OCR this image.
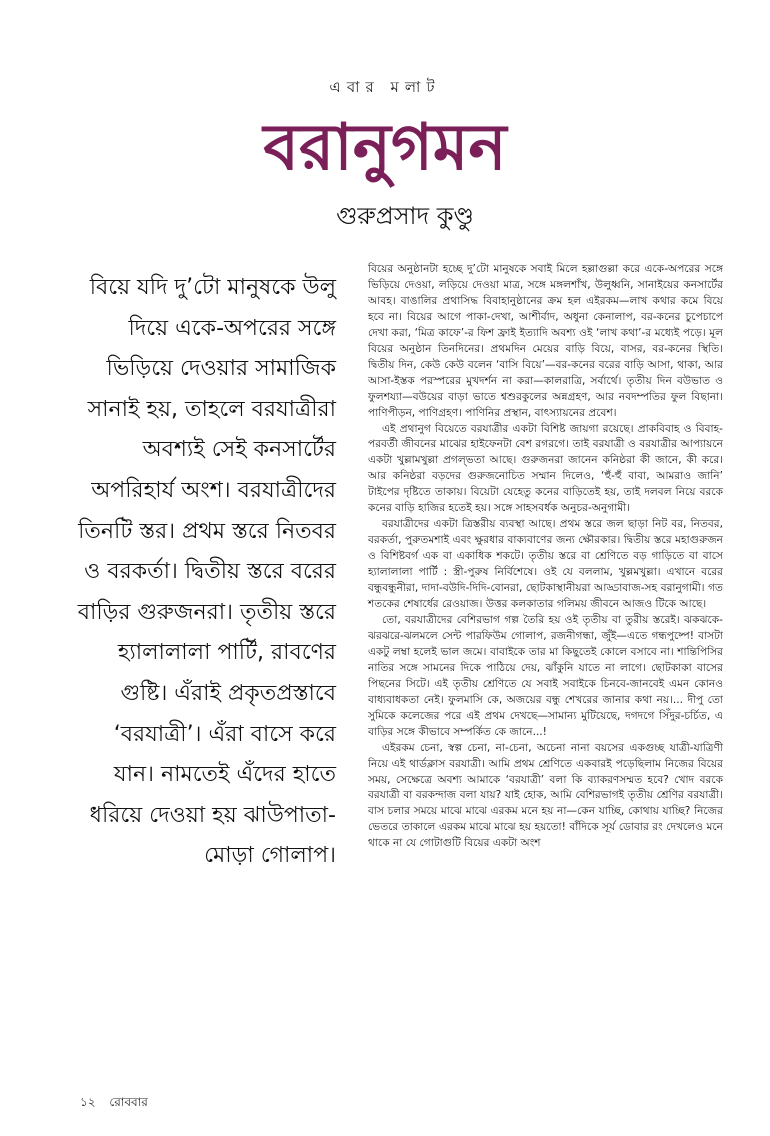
এবার মলাট
বরানুগমন
গুরুপ্রসাদ কুণ্ডু

বিয়ে যদি দু’টো মানুষকে উলু দিয়ে একে-অপরের সঙ্গে ভিড়িয়ে দেওয়ার সামাজিক সানাই হয়, তাহলে বরযাত্রীরা অবশ্যই সেই কনসার্টের অপরিহার্য অংশ। বরযাত্রীদের তিনটি স্তর। প্রথম স্তরে নিতবর ও বরকর্তা। দ্বিতীয় স্তরে বরের বাড়ির গুরুজনরা। তৃতীয় স্তরে হ্যালালালা পার্টি, রাবণের গুষ্টি। এঁরাই প্রকৃতপ্রস্তাবে ‘বরযাত্রী’। এঁরা বাসে করে যান। নামতেই এঁদের হাতে ধরিয়ে দেওয়া হয় ঝাউপাতা-মোড়া গোলাপ।

বিয়ের অনুষ্ঠানটা হচ্ছে দু’টো মানুষকে সবাই মিলে হল্লাগুল্লা করে একে-অপরের সঙ্গে ভিড়িয়ে দেওয়া, লড়িয়ে দেওয়া মাত্র, সঙ্গে মঙ্গলশাঁখ, উলুধ্বনি, সানাইয়ের কনসার্টের আবহ। বাঙালির প্রথাসিদ্ধ বিবাহানুষ্ঠানের ক্রম হল এইরকম—লাখ কথার কমে বিয়ে হবে না। বিয়ের আগে পাকা-দেখা, আশীর্বাদ, অধুনা কেনালাপ, বর-কনের চুপেচাপে দেখা করা, ‘মিত্র কাফে’-র ফিশ ফ্রাই ইত্যাদি অবশ্য ওই ‘লাখ কথা’-র মধ্যেই পড়ে। মূল বিয়ের অনুষ্ঠান তিনদিনের। প্রথমদিন মেয়ের বাড়ি বিয়ে, বাসর, বর-কনের স্থিতি। দ্বিতীয় দিন, কেউ কেউ বলেন ‘বাসি বিয়ে’—বর-কনের বরের বাড়ি আসা, থাকা, আর আসা-ইস্তক পরস্পরের মুখদর্শন না করা—কালরাত্রি, সর্বার্থে। তৃতীয় দিন বউভাত ও ফুলশয্যা—বউয়ের বাড়া ভাতে শ্বশুরকুলের অন্নগ্রহণ, আর নবদম্পতির ফুল বিছানা। পাণিপীড়ন, পাণিগ্রহণ। পাণিনির প্রস্থান, বাৎস্যায়নের প্রবেশ।

এই প্রথানুগ বিয়েতে বরযাত্রীর একটা বিশিষ্ট জায়গা রয়েছে। প্রাকবিবাহ ও বিবাহ-পরবর্তী জীবনের মাঝের হাইফেনটা বেশ রগরগে। তাই বরযাত্রী ও বরযাত্রীর আপ্যায়নে একটা খুল্লামখুল্লা প্রগল্ভতা আছে। গুরুজনরা জানেন কনিষ্ঠরা কী জানে, কী করে। আর কনিষ্ঠরা বড়দের গুরুজনোচিত সম্মান দিলেও, ‘হুঁ-হুঁ বাবা, আমরাও জানি’ টাইপের দৃষ্টিতে তাকায়। বিয়েটা যেহেতু কনের বাড়িতেই হয়, তাই দলবল নিয়ে বরকে কনের বাড়ি হাজির হতেই হয়। সঙ্গে সাহসবর্ধক অনুচর-অনুগামী।

বরযাত্রীদের একটা ত্রিস্তরীয় ব্যবস্থা আছে। প্রথম স্তরে জল ছাড়া নিট বর, নিতবর, বরকর্তা, পুরুতমশাই এবং ক্ষুরধার বাক্যবাণের জন্য ক্ষৌরকার। দ্বিতীয় স্তরে মহাগুরুজন ও বিশিষ্টবর্গ এক বা একাধিক শকটে। তৃতীয় স্তরে বা শ্রেণিতে বড় গাড়িতে বা বাসে হ্যালালালা পার্টি : স্ত্রী-পুরুষ নির্বিশেষে। ওই যে বললাম, খুল্লমখুল্লা। এখানে বরের বন্ধুবন্ধুনীরা, দাদা-বউদি-দিদি-বোনরা, ছোটকাস্থানীয়রা আড্ডাবাজ-সহ বরানুগামী। গত শতকের শেষার্ধের রেওয়াজ। উত্তর কলকাতার গলিময় জীবনে আজও টিকে আছে।

তো, বরযাত্রীদের বেশিরভাগ গল্প তৈরি হয় ওই তৃতীয় বা তুরীয় স্তরেই। ঝকঝকে-ঝরঝরে-ঝলমলে সেন্ট পারফিউম গোলাপ, রজনীগন্ধা, জুঁই—এতে গন্ধপুষ্পে! বাসটা একটু লম্বা হলেই ভাল জমে। বাবাইকে তার মা কিছুতেই কোলে বসাবে না। শান্তিপিসির নাতির সঙ্গে সামনের দিকে পাঠিয়ে দেয়, ঝাঁকুনি যাতে না লাগে। ছোটকাকা বাসের পিছনের সিটে। এই তৃতীয় শ্রেণিতে যে সবাই সবাইকে চিনবে-জানবেই এমন কোনও বাধ্যবাধকতা নেই। ফুলমাসি কে, অজয়ের বন্ধু শেখরের জানার কথা নয়।... দীপু তো সুমিকে কলেজের পরে এই প্রথম দেখছে—সামান্য মুটিয়েছে, দগদগে সিঁদুর-চর্চিত, এ বাড়ির সঙ্গে কীভাবে সম্পর্কিত কে জানে...!

এইরকম চেনা, স্বল্প চেনা, না-চেনা, অচেনা নানা বয়সের একগুচ্ছ যাত্রী-যাত্রিণী নিয়ে এই থার্ডক্লাস বরযাত্রী। আমি প্রথম শ্রেণিতে একবারই পড়েছিলাম নিজের বিয়ের সময়, সেক্ষেত্রে অবশ্য আমাকে ‘বরযাত্রী’ বলা কি ব্যাকরণসম্মত হবে? খোদ বরকে বরযাত্রী বা বরকন্দাজ বলা যায়? যাই হোক, আমি বেশিরভাগই তৃতীয় শ্রেণির বরযাত্রী। বাস চলার সময়ে মাঝে মাঝে এরকম মনে হয় না—কেন যাচ্ছি, কোথায় যাচ্ছি? নিজের ভেতরে তাকালে এরকম মাঝে মাঝে হয় হয়তো! বাঁদিকে সূর্য ডোবার রং দেখলেও মনে থাকে না যে গোটাগুটি বিয়ের একটা অংশ

১২ রোববার
